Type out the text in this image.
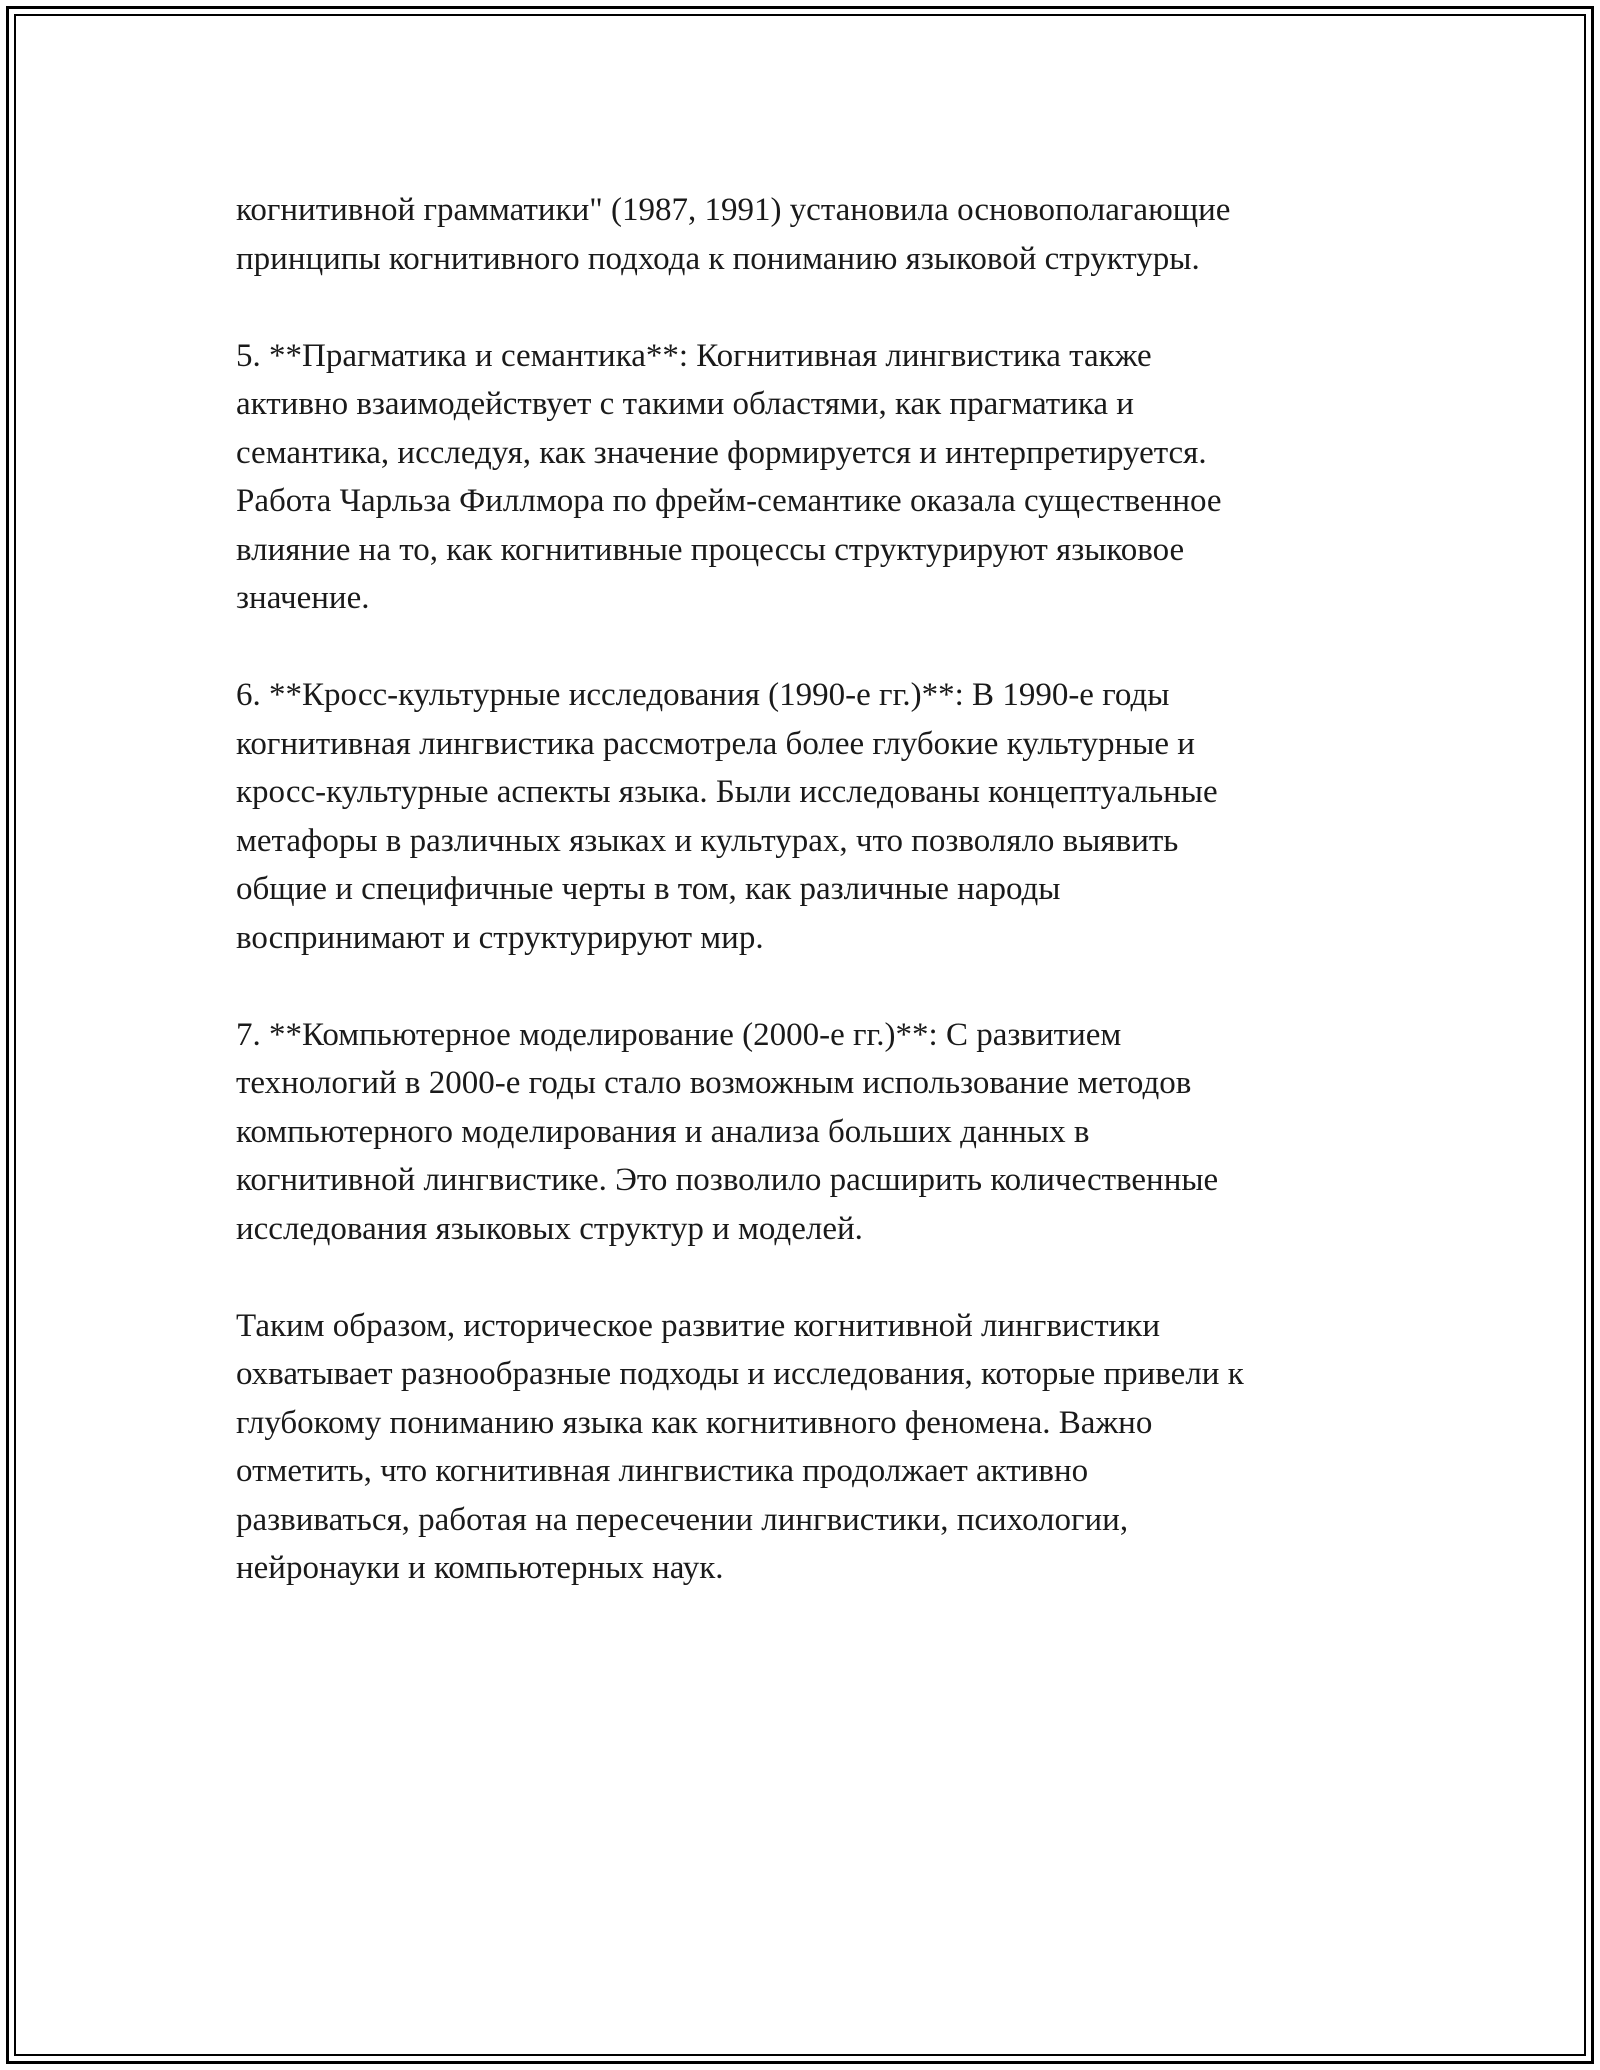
когнитивной грамматики" (1987, 1991) установила основополагающие
принципы когнитивного подхода к пониманию языковой структуры.

5. **Прагматика и семантика**: Когнитивная лингвистика также
активно взаимодействует с такими областями, как прагматика и
семантика, исследуя, как значение формируется и интерпретируется.
Работа Чарльза Филлмора по фрейм-семантике оказала существенное
влияние на то, как когнитивные процессы структурируют языковое
значение.

6. **Кросс-культурные исследования (1990-е гг.)**: В 1990-е годы
когнитивная лингвистика рассмотрела более глубокие культурные и
кросс-культурные аспекты языка. Были исследованы концептуальные
метафоры в различных языках и культурах, что позволяло выявить
общие и специфичные черты в том, как различные народы
воспринимают и структурируют мир.

7. **Компьютерное моделирование (2000-е гг.)**: С развитием
технологий в 2000-е годы стало возможным использование методов
компьютерного моделирования и анализа больших данных в
когнитивной лингвистике. Это позволило расширить количественные
исследования языковых структур и моделей.

Таким образом, историческое развитие когнитивной лингвистики
охватывает разнообразные подходы и исследования, которые привели к
глубокому пониманию языка как когнитивного феномена. Важно
отметить, что когнитивная лингвистика продолжает активно
развиваться, работая на пересечении лингвистики, психологии,
нейронауки и компьютерных наук.
